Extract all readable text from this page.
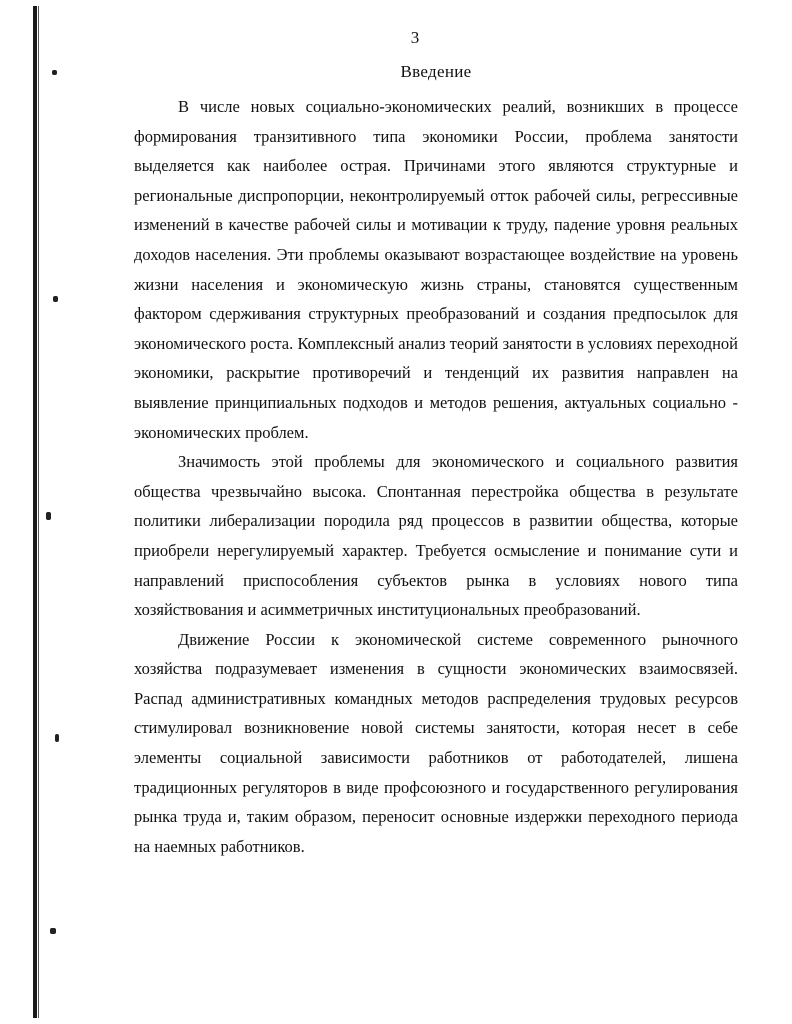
3
Введение

В числе новых социально-экономических реалий, возникших в процессе формирования транзитивного типа экономики России, проблема занятости выделяется как наиболее острая. Причинами этого являются структурные и региональные диспропорции, неконтролируемый отток рабочей силы, регрессивные изменений в качестве рабочей силы и мотивации к труду, падение уровня реальных доходов населения. Эти проблемы оказывают возрастающее воздействие на уровень жизни населения и экономическую жизнь страны, становятся существенным фактором сдерживания структурных преобразований и создания предпосылок для экономического роста. Комплексный анализ теорий занятости в условиях переходной экономики, раскрытие противоречий и тенденций их развития направлен на выявление принципиальных подходов и методов решения, актуальных социально - экономических проблем.

Значимость этой проблемы для экономического и социального развития общества чрезвычайно высока. Спонтанная перестройка общества в результате политики либерализации породила ряд процессов в развитии общества, которые приобрели нерегулируемый характер. Требуется осмысление и понимание сути и направлений приспособления субъектов рынка в условиях нового типа хозяйствования и асимметричных институциональных преобразований.

Движение России к экономической системе современного рыночного хозяйства подразумевает изменения в сущности экономических взаимосвязей. Распад административных командных методов распределения трудовых ресурсов стимулировал возникновение новой системы занятости, которая несет в себе элементы социальной зависимости работников от работодателей, лишена традиционных регуляторов в виде профсоюзного и государственного регулирования рынка труда и, таким образом, переносит основные издержки переходного периода на наемных работников.
